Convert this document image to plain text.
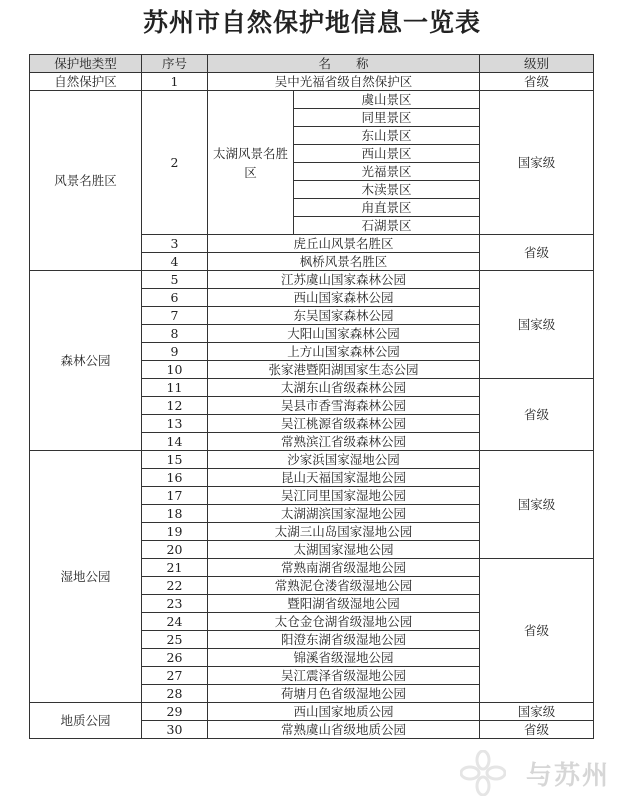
苏州市自然保护地信息一览表
保护地类型	序号	名　　称		级别
自然保护区	1	吴中光福省级自然保护区		省级
风景名胜区	2	太湖风景名胜区	虞山景区	国家级
			同里景区	
			东山景区	
			西山景区	
			光福景区	
			木渎景区	
			甪直景区	
			石湖景区	
	3	虎丘山风景名胜区		省级
	4	枫桥风景名胜区		
森林公园	5	江苏虞山国家森林公园		国家级
	6	西山国家森林公园		
	7	东吴国家森林公园		
	8	大阳山国家森林公园		
	9	上方山国家森林公园		
	10	张家港暨阳湖国家生态公园		
	11	太湖东山省级森林公园		省级
	12	吴县市香雪海森林公园		
	13	吴江桃源省级森林公园		
	14	常熟滨江省级森林公园		
湿地公园	15	沙家浜国家湿地公园		国家级
	16	昆山天福国家湿地公园		
	17	吴江同里国家湿地公园		
	18	太湖湖滨国家湿地公园		
	19	太湖三山岛国家湿地公园		
	20	太湖国家湿地公园		
	21	常熟南湖省级湿地公园		省级
	22	常熟泥仓溇省级湿地公园		
	23	暨阳湖省级湿地公园		
	24	太仓金仓湖省级湿地公园		
	25	阳澄东湖省级湿地公园		
	26	锦溪省级湿地公园		
	27	吴江震泽省级湿地公园		
	28	荷塘月色省级湿地公园		
地质公园	29	西山国家地质公园		国家级
	30	常熟虞山省级地质公园		省级
与苏州
